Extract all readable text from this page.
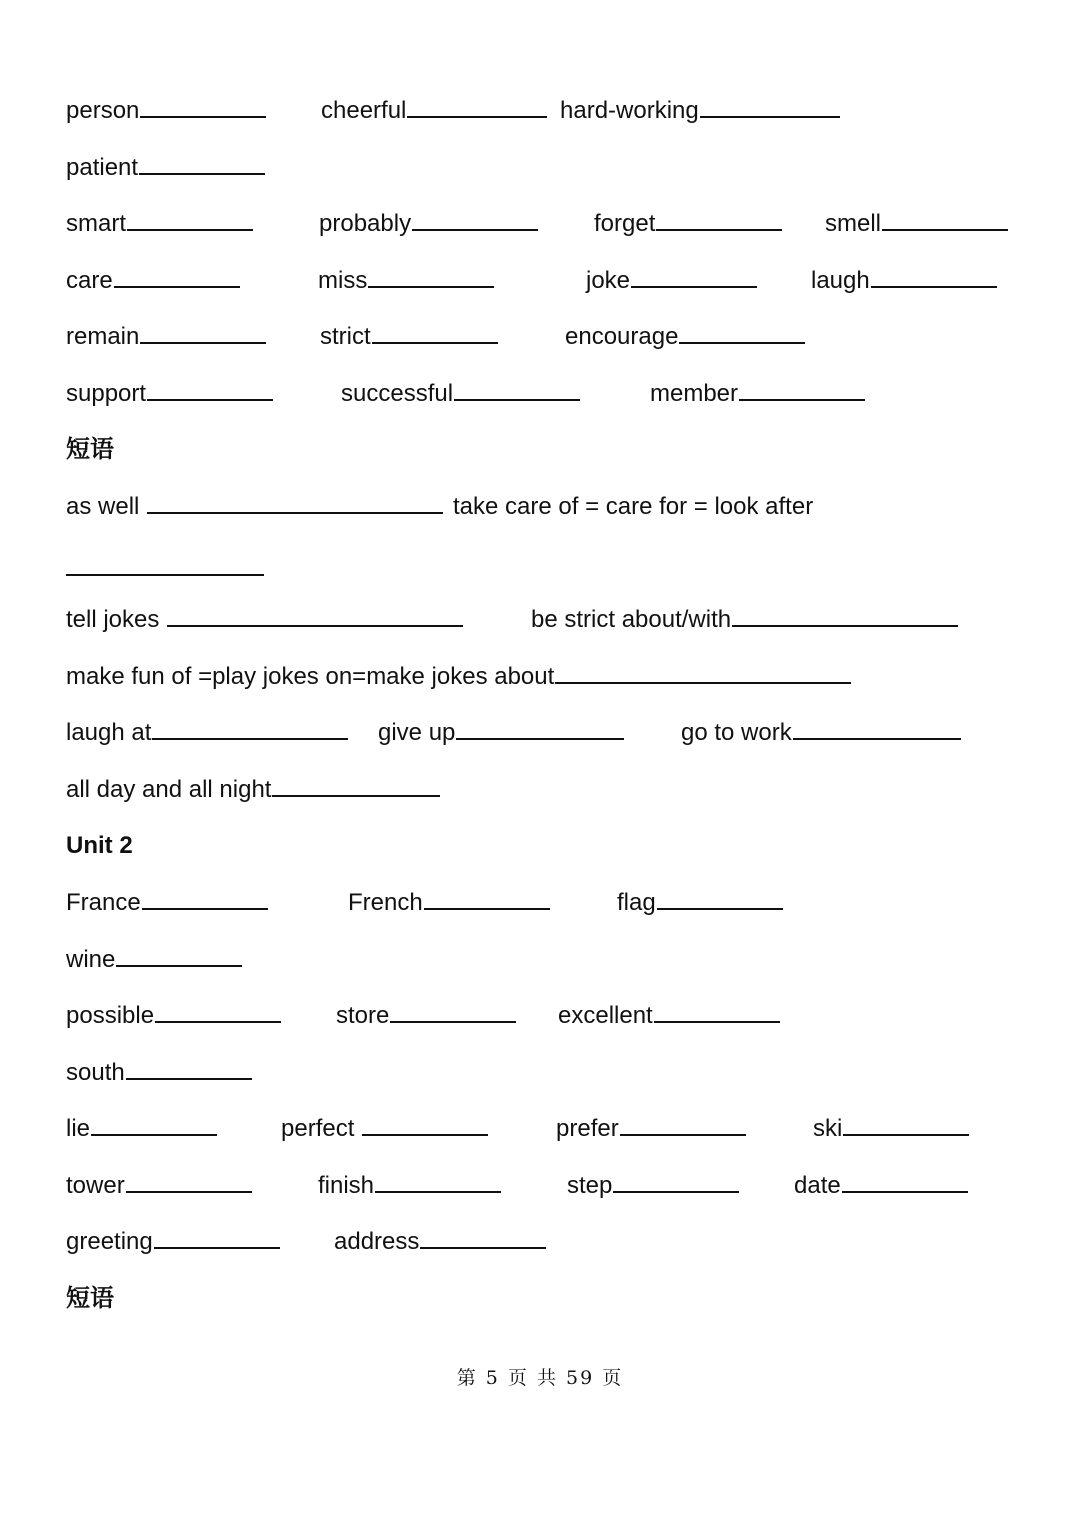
person	cheerful	hard-working
patient
smart	probably	forget	smell
care	miss	joke	laugh
remain	strict	encourage
support	successful	member
短语
as well	take care of = care for = look after
tell jokes	be strict about/with
make fun of =play jokes on=make jokes about
laugh at	give up	go to work
all day and all night
Unit 2
France	French	flag
wine
possible	store	excellent
south
lie	perfect	prefer	ski
tower	finish	step	date
greeting	address
短语
第 5 页 共 59 页
